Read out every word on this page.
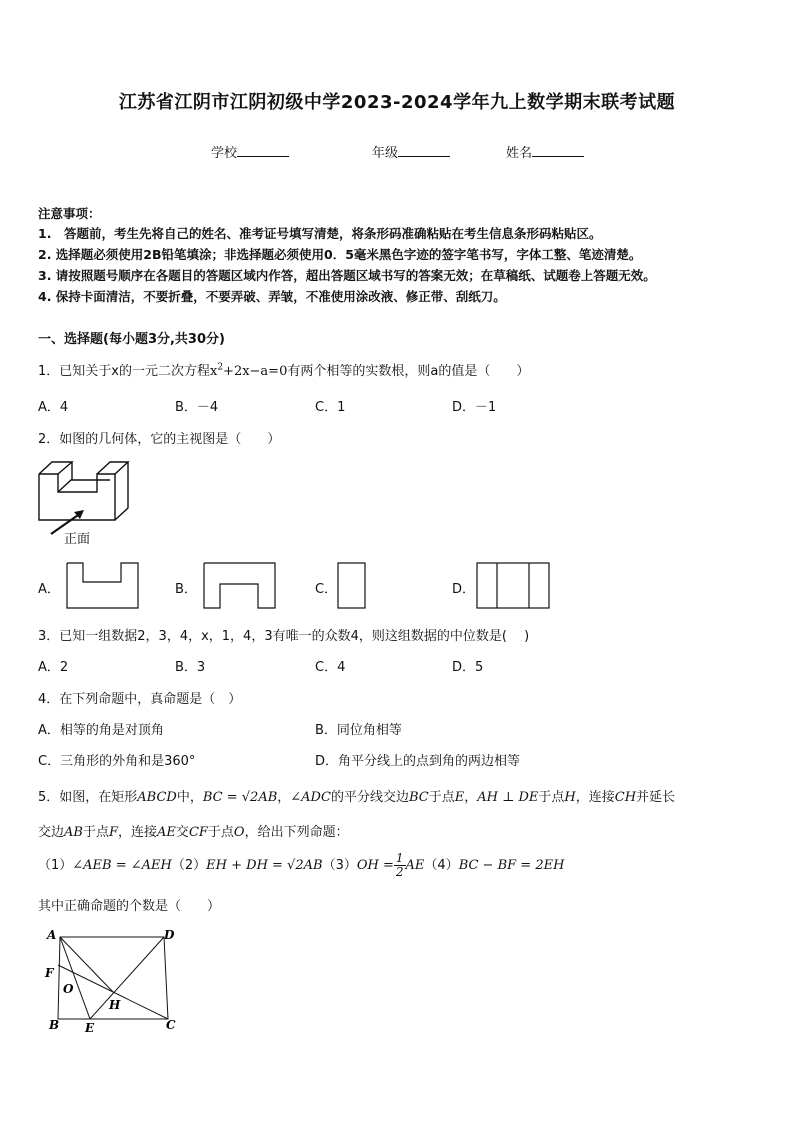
江苏省江阴市江阴初级中学2023-2024学年九上数学期末联考试题
学校	年级	姓名
注意事项：
1.　答题前，考生先将自己的姓名、准考证号填写清楚，将条形码准确粘贴在考生信息条形码粘贴区。
2. 选择题必须使用2B铅笔填涂；非选择题必须使用0．5毫米黑色字迹的签字笔书写，字体工整、笔迹清楚。
3. 请按照题号顺序在各题目的答题区域内作答，超出答题区域书写的答案无效；在草稿纸、试题卷上答题无效。
4. 保持卡面清洁，不要折叠，不要弄破、弄皱，不准使用涂改液、修正带、刮纸刀。
一、选择题(每小题3分,共30分)
1．已知关于x的一元二次方程$x^2+2x-a=0$有两个相等的实数根，则a的值是（　　）
A．4	B．－4	C．1	D．－1
2．如图的几何体，它的主视图是（　　）
正面
A．	B．	C．	D．
3．已知一组数据2，3，4，x，1，4，3有唯一的众数4，则这组数据的中位数是(　 )
A．2	B．3	C．4	D．5
4．在下列命题中，真命题是（　）
A．相等的角是对顶角	B．同位角相等
C．三角形的外角和是360°	D．角平分线上的点到角的两边相等
5．如图，在矩形ABCD中，BC = √2AB，∠ADC的平分线交边BC于点E，AH ⊥ DE于点H，连接CH并延长
交边AB于点F，连接AE交CF于点O，给出下列命题：
（1）∠AEB = ∠AEH（2）EH + DH = $√2AB(3)OH = \frac{1}{2} AE(4)BC$ − BF = 2EH
其中正确命题的个数是（　　）
A	D
F
O
H
B E	C
